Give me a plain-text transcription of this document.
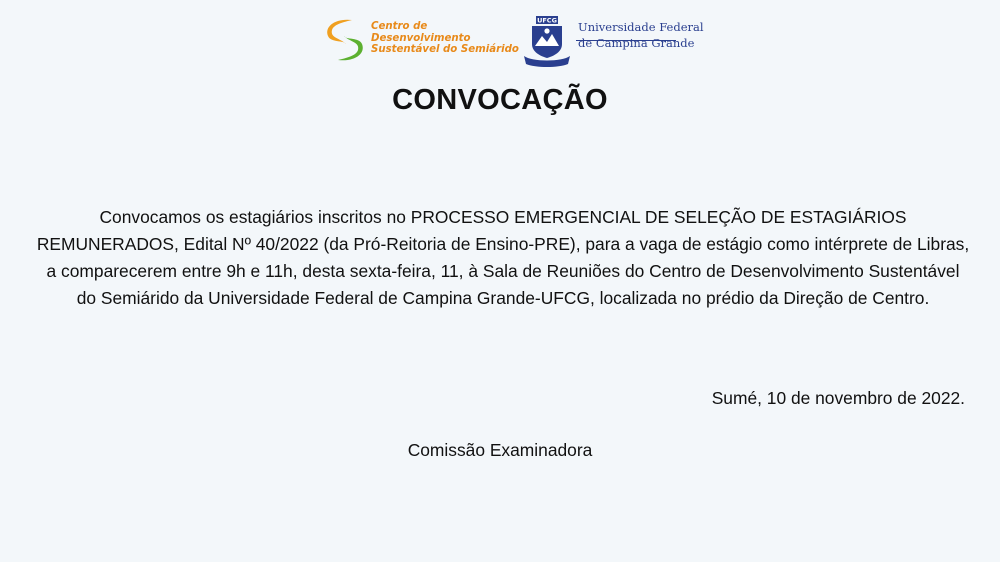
Centro de
Desenvolvimento
Sustentável do Semiárido
UFCG Universidade Federal
de Campina Grande
CONVOCAÇÃO
Convocamos os estagiários inscritos no PROCESSO EMERGENCIAL DE SELEÇÃO DE ESTAGIÁRIOS REMUNERADOS, Edital Nº 40/2022 (da Pró-Reitoria de Ensino-PRE), para a vaga de estágio como intérprete de Libras, a comparecerem entre 9h e 11h, desta sexta-feira, 11, à Sala de Reuniões do Centro de Desenvolvimento Sustentável do Semiárido da Universidade Federal de Campina Grande-UFCG, localizada no prédio da Direção de Centro.
Sumé, 10 de novembro de 2022.
Comissão Examinadora
